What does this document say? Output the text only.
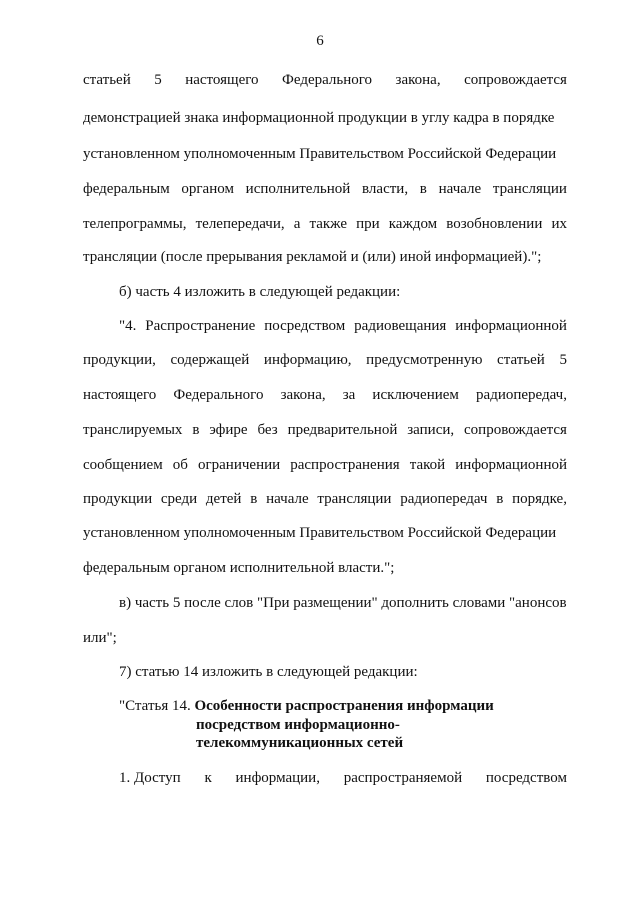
6
статьей 5 настоящего Федерального закона, сопровождается
демонстрацией знака информационной продукции в углу кадра в порядке
установленном уполномоченным Правительством Российской Федерации
федеральным органом исполнительной власти, в начале трансляции
телепрограммы, телепередачи, а также при каждом возобновлении их
трансляции (после прерывания рекламой и (или) иной информацией).";
б) часть 4 изложить в следующей редакции:
"4. Распространение посредством радиовещания информационной
продукции, содержащей информацию, предусмотренную статьей 5
настоящего Федерального закона, за исключением радиопередач,
транслируемых в эфире без предварительной записи, сопровождается
сообщением об ограничении распространения такой информационной
продукции среди детей в начале трансляции радиопередач в порядке,
установленном уполномоченным Правительством Российской Федерации
федеральным органом исполнительной власти.";
в) часть 5 после слов "При размещении" дополнить словами "анонсов
или";
7) статью 14 изложить в следующей редакции:
"Статья 14. Особенности распространения информации
посредством информационно-
телекоммуникационных сетей
1. Доступ к информации, распространяемой посредством
